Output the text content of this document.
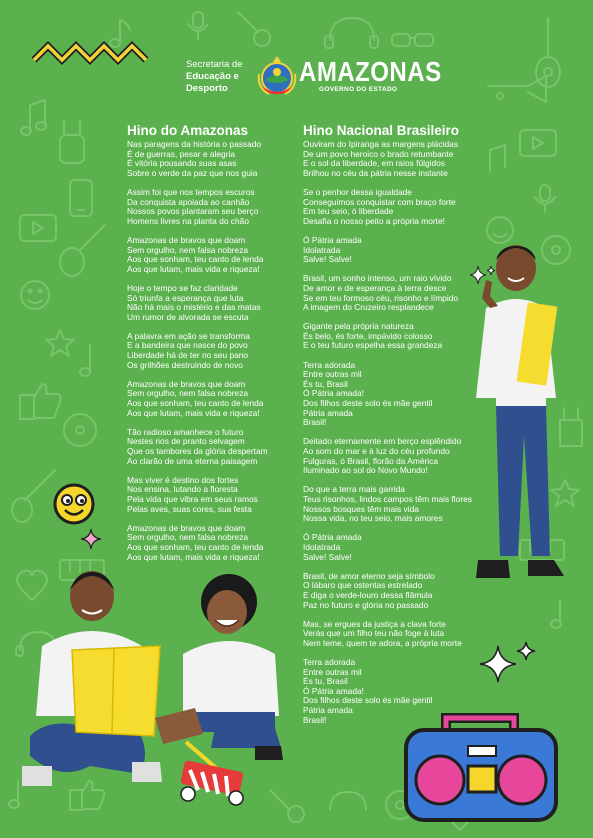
Secretaria de

Educação e
Desporto
AMAZONAS
GOVERNO DO ESTADO
Hino do Amazonas
Nas paragens da história o passado
É de guerras, pesar e alegria
É vitória pousando suas asas
Sobre o verde da paz que nos guia
Assim foi que nos tempos escuros
Da conquista apoiada ao canhão
Nossos povos plantaram seu berço
Homens livres na planta do chão
Amazonas de bravos que doam
Sem orgulho, nem falsa nobreza
Aos que sonham, teu canto de lenda
Aos que lutam, mais vida e riqueza!
Hoje o tempo se faz claridade
Só triunfa a esperança que luta
Não há mais o mistério e das matas
Um rumor de alvorada se escuta
A palavra em ação se transforma
E a bandeira que nasce do povo
Liberdade há de ter no seu pano
Os grilhões destruindo de novo
Amazonas de bravos que doam
Sem orgulho, nem falsa nobreza
Aos que sonham, teu canto de lenda
Aos que lutam, mais vida e riqueza!
Tão radioso amanhece o futuro
Nestes rios de pranto selvagem
Que os tambores da glória despertam
Ao clarão de uma eterna paisagem
Mas viver é destino dos fortes
Nos ensina, lutando a floresta
Pela vida que vibra em seus ramos
Pelas aves, suas cores, sua festa
Amazonas de bravos que doam
Sem orgulho, nem falsa nobreza
Aos que sonham, teu canto de lenda
Aos que lutam, mais vida e riqueza!
Hino Nacional Brasileiro
Ouviram do Ipiranga as margens plácidas
De um povo heroico o brado retumbante
E o sol da liberdade, em raios fúlgidos
Brilhou no céu da pátria nesse instante
Se o penhor dessa igualdade
Conseguimos conquistar com braço forte
Em teu seio, ó liberdade
Desafia o nosso peito a própria morte!
Ó Pátria amada
Idolatrada
Salve! Salve!
Brasil, um sonho intenso, um raio vívido
De amor e de esperança à terra desce
Se em teu formoso céu, risonho e límpido
A imagem do Cruzeiro resplandece
Gigante pela própria natureza
És belo, és forte, impávido colosso
E o teu futuro espelha essa grandeza
Terra adorada
Entre outras mil
És tu, Brasil
Ó Pátria amada!
Dos filhos deste solo és mãe gentil
Pátria amada
Brasil!
Deitado eternamente em berço esplêndido
Ao som do mar e à luz do céu profundo
Fulguras, ó Brasil, florão da América
Iluminado ao sol do Novo Mundo!
Do que a terra mais garrida
Teus risonhos, lindos campos têm mais flores
Nossos bosques têm mais vida
Nossa vida, no teu seio, mais amores
Ó Pátria amada
Idolatrada
Salve! Salve!
Brasil, de amor eterno seja símbolo
O lábaro que ostentas estrelado
E diga o verde-louro dessa flâmula
Paz no futuro e glória no passado
Mas, se ergues da justiça a clava forte
Verás que um filho teu não foge à luta
Nem teme, quem te adora, a própria morte
Terra adorada
Entre outras mil
És tu, Brasil
Ó Pátria amada!
Dos filhos deste solo és mãe gentil
Pátria amada
Brasil!
